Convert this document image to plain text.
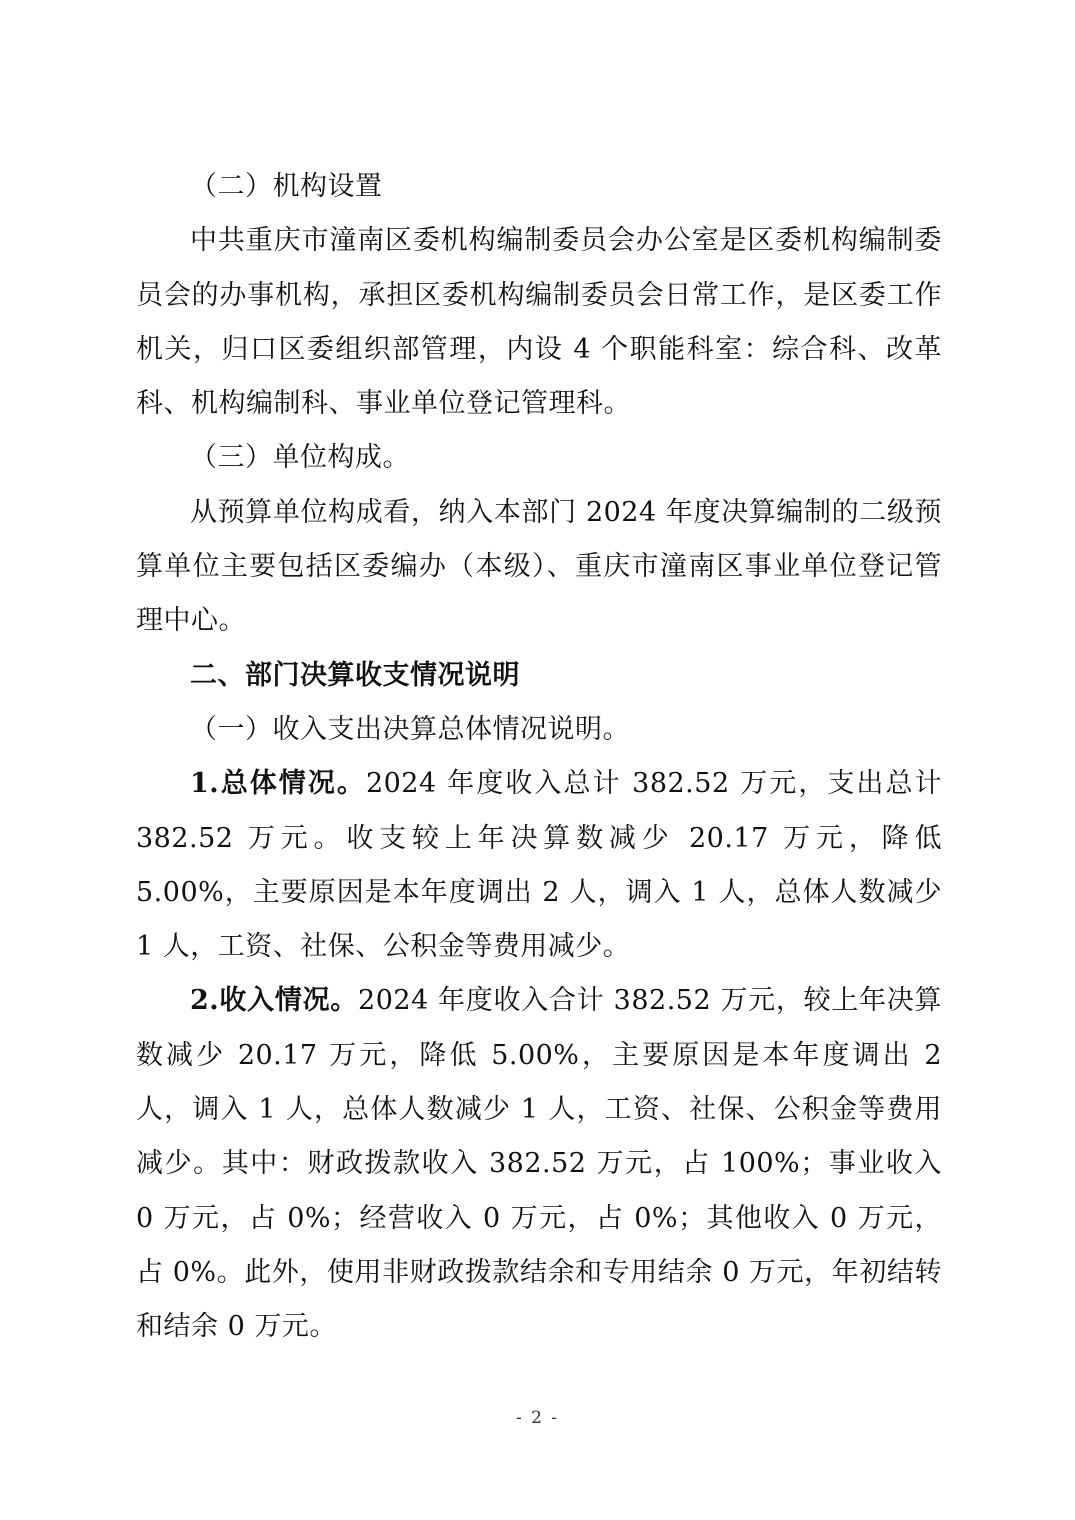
（二）机构设置

中共重庆市潼南区委机构编制委员会办公室是区委机构编制委员会的办事机构，承担区委机构编制委员会日常工作，是区委工作机关，归口区委组织部管理，内设 4 个职能科室：综合科、改革科、机构编制科、事业单位登记管理科。

（三）单位构成。

从预算单位构成看，纳入本部门 2024 年度决算编制的二级预算单位主要包括区委编办（本级）、重庆市潼南区事业单位登记管理中心。

二、部门决算收支情况说明

（一）收入支出决算总体情况说明。

1.总体情况。2024 年度收入总计 382.52 万元，支出总计 382.52 万元。收支较上年决算数减少 20.17 万元，降低 5.00%，主要原因是本年度调出 2 人，调入 1 人，总体人数减少 1 人，工资、社保、公积金等费用减少。

2.收入情况。2024 年度收入合计 382.52 万元，较上年决算数减少 20.17 万元，降低 5.00%，主要原因是本年度调出 2 人，调入 1 人，总体人数减少 1 人，工资、社保、公积金等费用减少。其中：财政拨款收入 382.52 万元，占 100%；事业收入 0 万元，占 0%；经营收入 0 万元，占 0%；其他收入 0 万元，占 0%。此外，使用非财政拨款结余和专用结余 0 万元，年初结转和结余 0 万元。

- 2 -
